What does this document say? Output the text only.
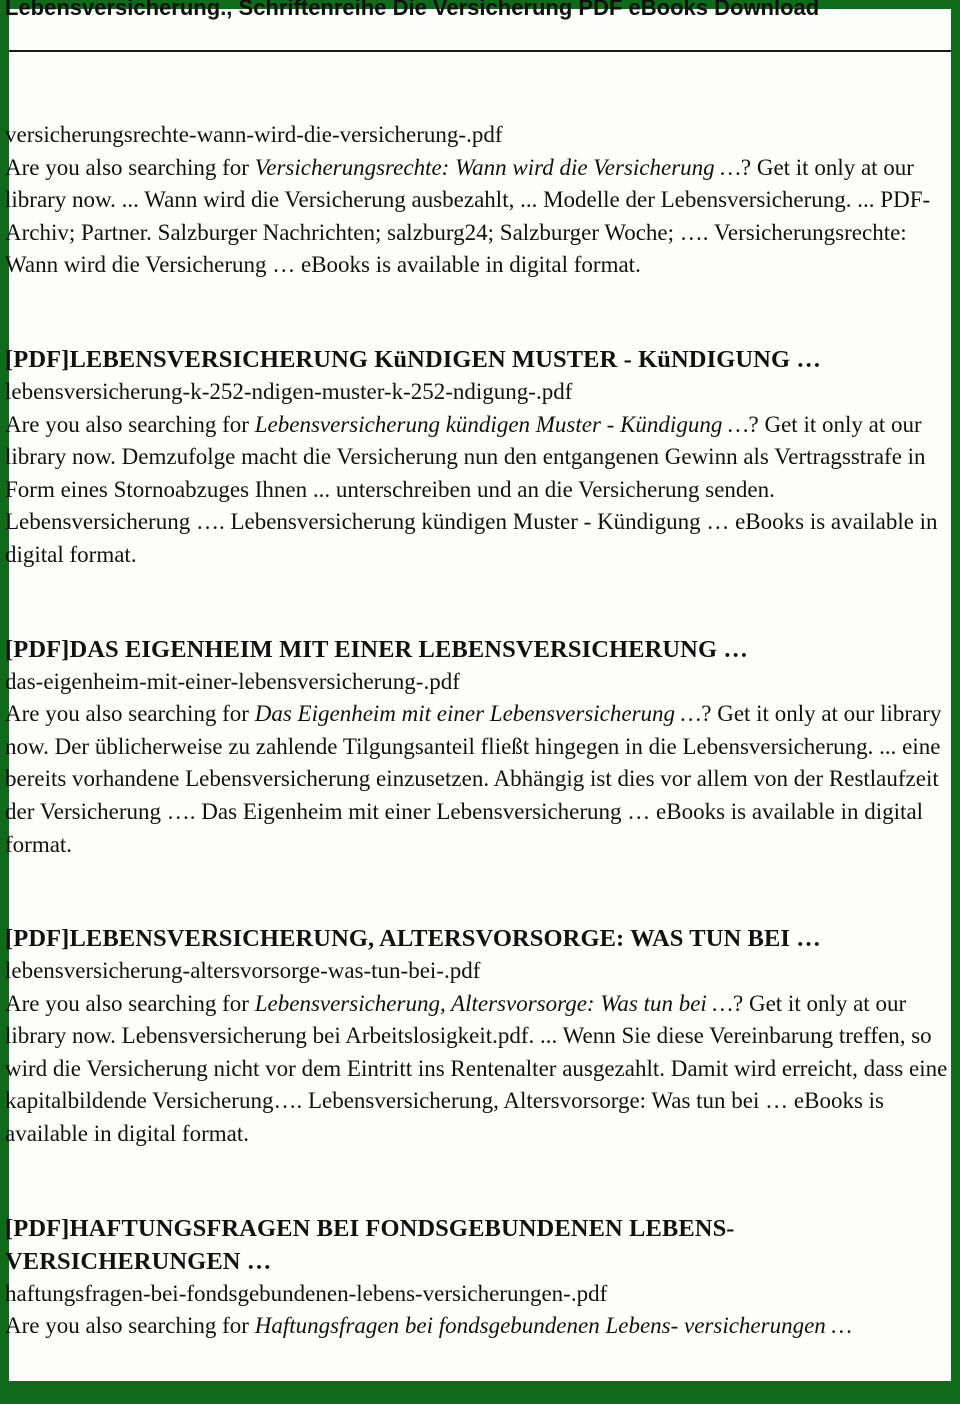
Lebensversicherung., Schriftenreihe Die Versicherung PDF eBooks Download

versicherungsrechte-wann-wird-die-versicherung-.pdf

Are you also searching for Versicherungsrechte: Wann wird die Versicherung …? Get it only at our library now. ... Wann wird die Versicherung ausbezahlt, ... Modelle der Lebensversicherung. ... PDF-Archiv; Partner. Salzburger Nachrichten; salzburg24; Salzburger Woche; …. Versicherungsrechte: Wann wird die Versicherung … eBooks is available in digital format.

[PDF]LEBENSVERSICHERUNG KüNDIGEN MUSTER - KüNDIGUNG …

lebensversicherung-k-252-ndigen-muster-k-252-ndigung-.pdf

Are you also searching for Lebensversicherung kündigen Muster - Kündigung …? Get it only at our library now. Demzufolge macht die Versicherung nun den entgangenen Gewinn als Vertragsstrafe in Form eines Stornoabzuges Ihnen ... unterschreiben und an die Versicherung senden. Lebensversicherung …. Lebensversicherung kündigen Muster - Kündigung … eBooks is available in digital format.

[PDF]DAS EIGENHEIM MIT EINER LEBENSVERSICHERUNG …

das-eigenheim-mit-einer-lebensversicherung-.pdf

Are you also searching for Das Eigenheim mit einer Lebensversicherung …? Get it only at our library now. Der üblicherweise zu zahlende Tilgungsanteil fließt hingegen in die Lebensversicherung. ... eine bereits vorhandene Lebensversicherung einzusetzen. Abhängig ist dies vor allem von der Restlaufzeit der Versicherung …. Das Eigenheim mit einer Lebensversicherung … eBooks is available in digital format.

[PDF]LEBENSVERSICHERUNG, ALTERSVORSORGE: WAS TUN BEI …

lebensversicherung-altersvorsorge-was-tun-bei-.pdf

Are you also searching for Lebensversicherung, Altersvorsorge: Was tun bei …? Get it only at our library now. Lebensversicherung bei Arbeitslosigkeit.pdf. ... Wenn Sie diese Vereinbarung treffen, so wird die Versicherung nicht vor dem Eintritt ins Rentenalter ausgezahlt. Damit wird erreicht, dass eine kapitalbildende Versicherung…. Lebensversicherung, Altersvorsorge: Was tun bei … eBooks is available in digital format.

[PDF]HAFTUNGSFRAGEN BEI FONDSGEBUNDENEN LEBENS-VERSICHERUNGEN …

haftungsfragen-bei-fondsgebundenen-lebens-versicherungen-.pdf

Are you also searching for Haftungsfragen bei fondsgebundenen Lebens- versicherungen …
